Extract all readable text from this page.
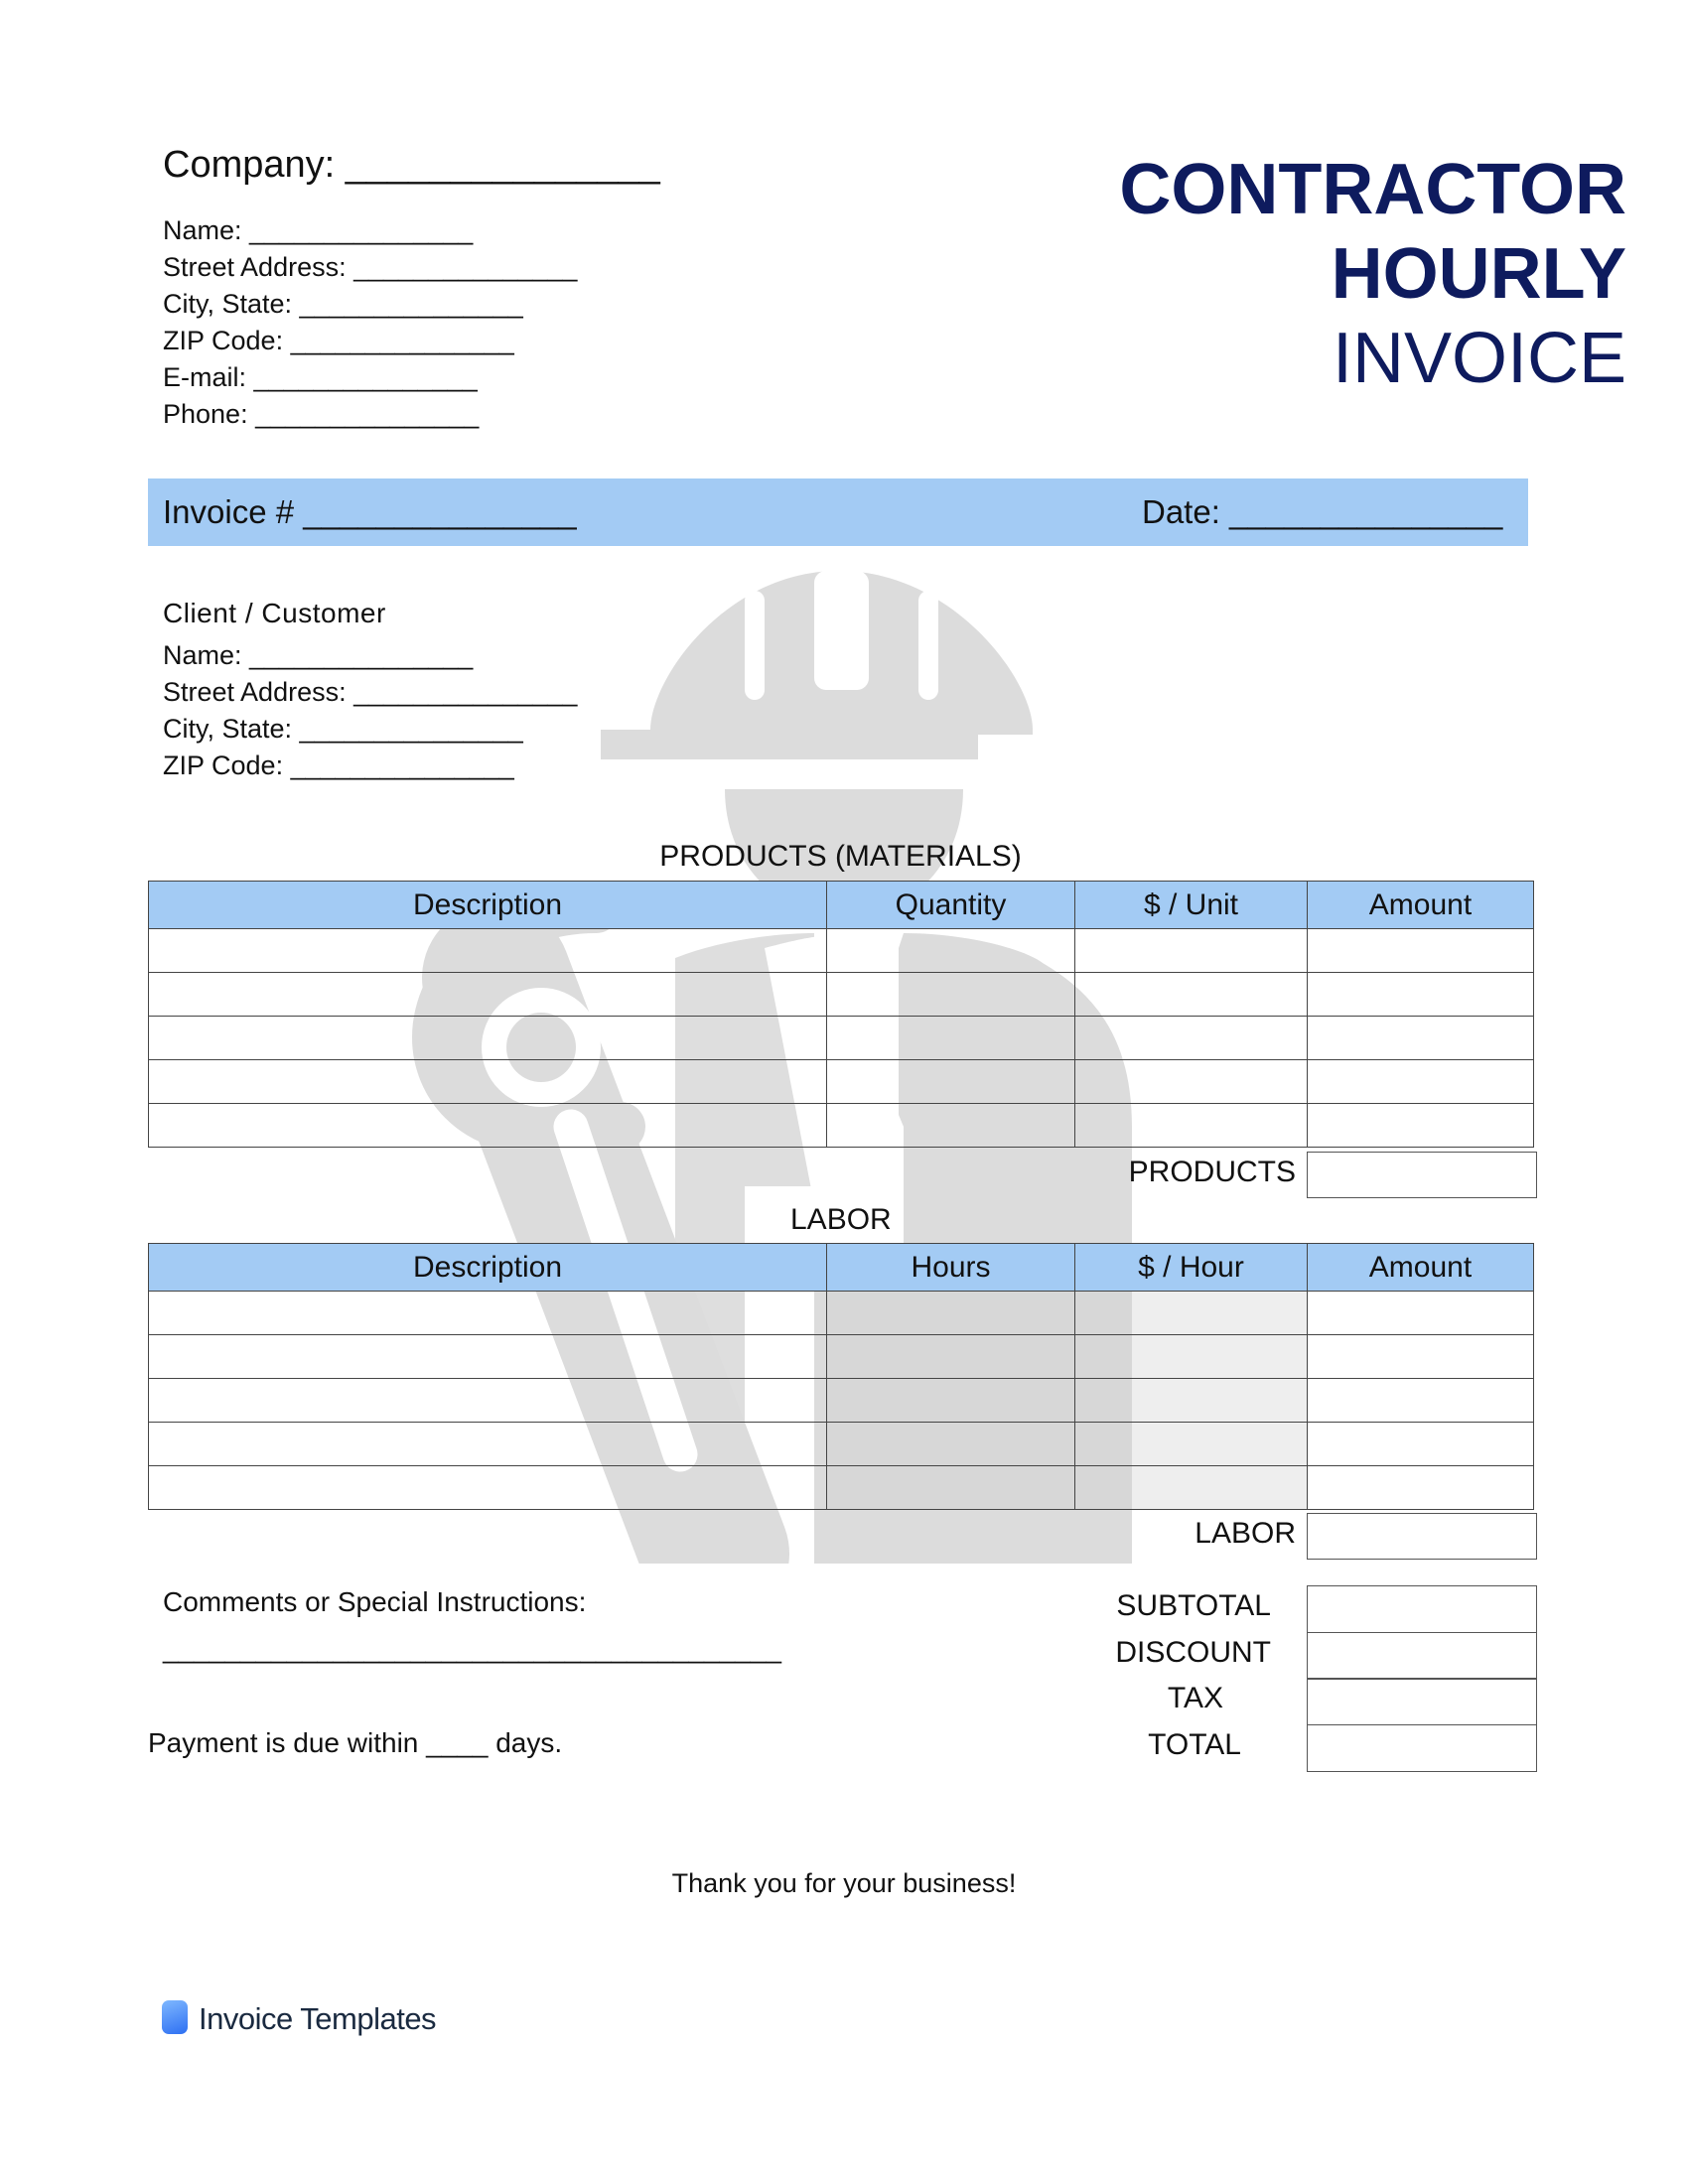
Company: _______________
Name: _______________
Street Address: _______________
City, State: _______________
ZIP Code: _______________
E-mail: _______________
Phone: _______________
CONTRACTOR
HOURLY
INVOICE
Invoice # _______________	Date: _______________
Client / Customer
Name: _______________
Street Address: _______________
City, State: _______________
ZIP Code: _______________
PRODUCTS (MATERIALS)
Description	Quantity	$ / Unit	Amount

PRODUCTS
LABOR
Description	Hours	$ / Hour	Amount

LABOR
SUBTOTAL
DISCOUNT
TAX
TOTAL
Comments or Special Instructions:
________________________________________
Payment is due within ____ days.
Thank you for your business!
Invoice Templates
